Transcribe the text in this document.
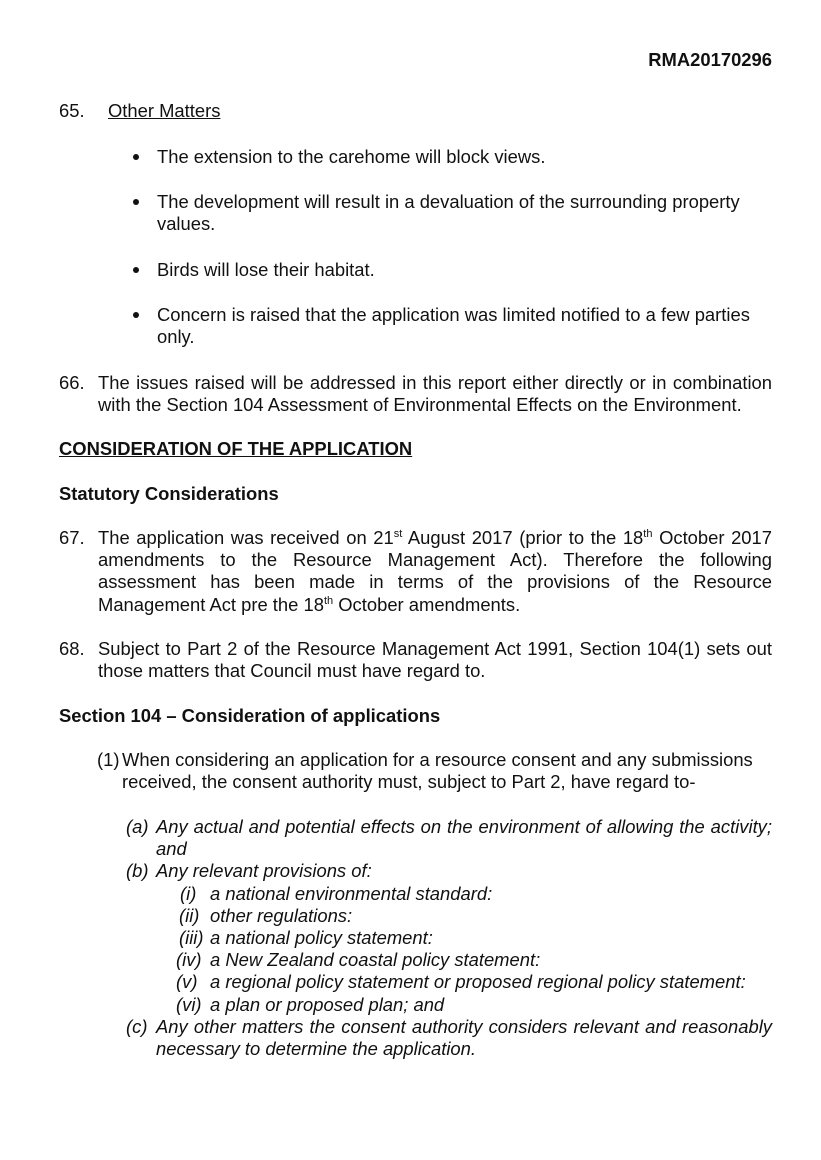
RMA20170296
65. Other Matters
The extension to the carehome will block views.
The development will result in a devaluation of the surrounding property values.
Birds will lose their habitat.
Concern is raised that the application was limited notified to a few parties only.
66. The issues raised will be addressed in this report either directly or in combination with the Section 104 Assessment of Environmental Effects on the Environment.
CONSIDERATION OF THE APPLICATION
Statutory Considerations
67. The application was received on 21st August 2017 (prior to the 18th October 2017 amendments to the Resource Management Act). Therefore the following assessment has been made in terms of the provisions of the Resource Management Act pre the 18th October amendments.
68. Subject to Part 2 of the Resource Management Act 1991, Section 104(1) sets out those matters that Council must have regard to.
Section 104 – Consideration of applications
(1) When considering an application for a resource consent and any submissions received, the consent authority must, subject to Part 2, have regard to-
(a) Any actual and potential effects on the environment of allowing the activity; and
(b) Any relevant provisions of:
(i) a national environmental standard:
(ii) other regulations:
(iii) a national policy statement:
(iv) a New Zealand coastal policy statement:
(v) a regional policy statement or proposed regional policy statement:
(vi) a plan or proposed plan; and
(c) Any other matters the consent authority considers relevant and reasonably necessary to determine the application.
